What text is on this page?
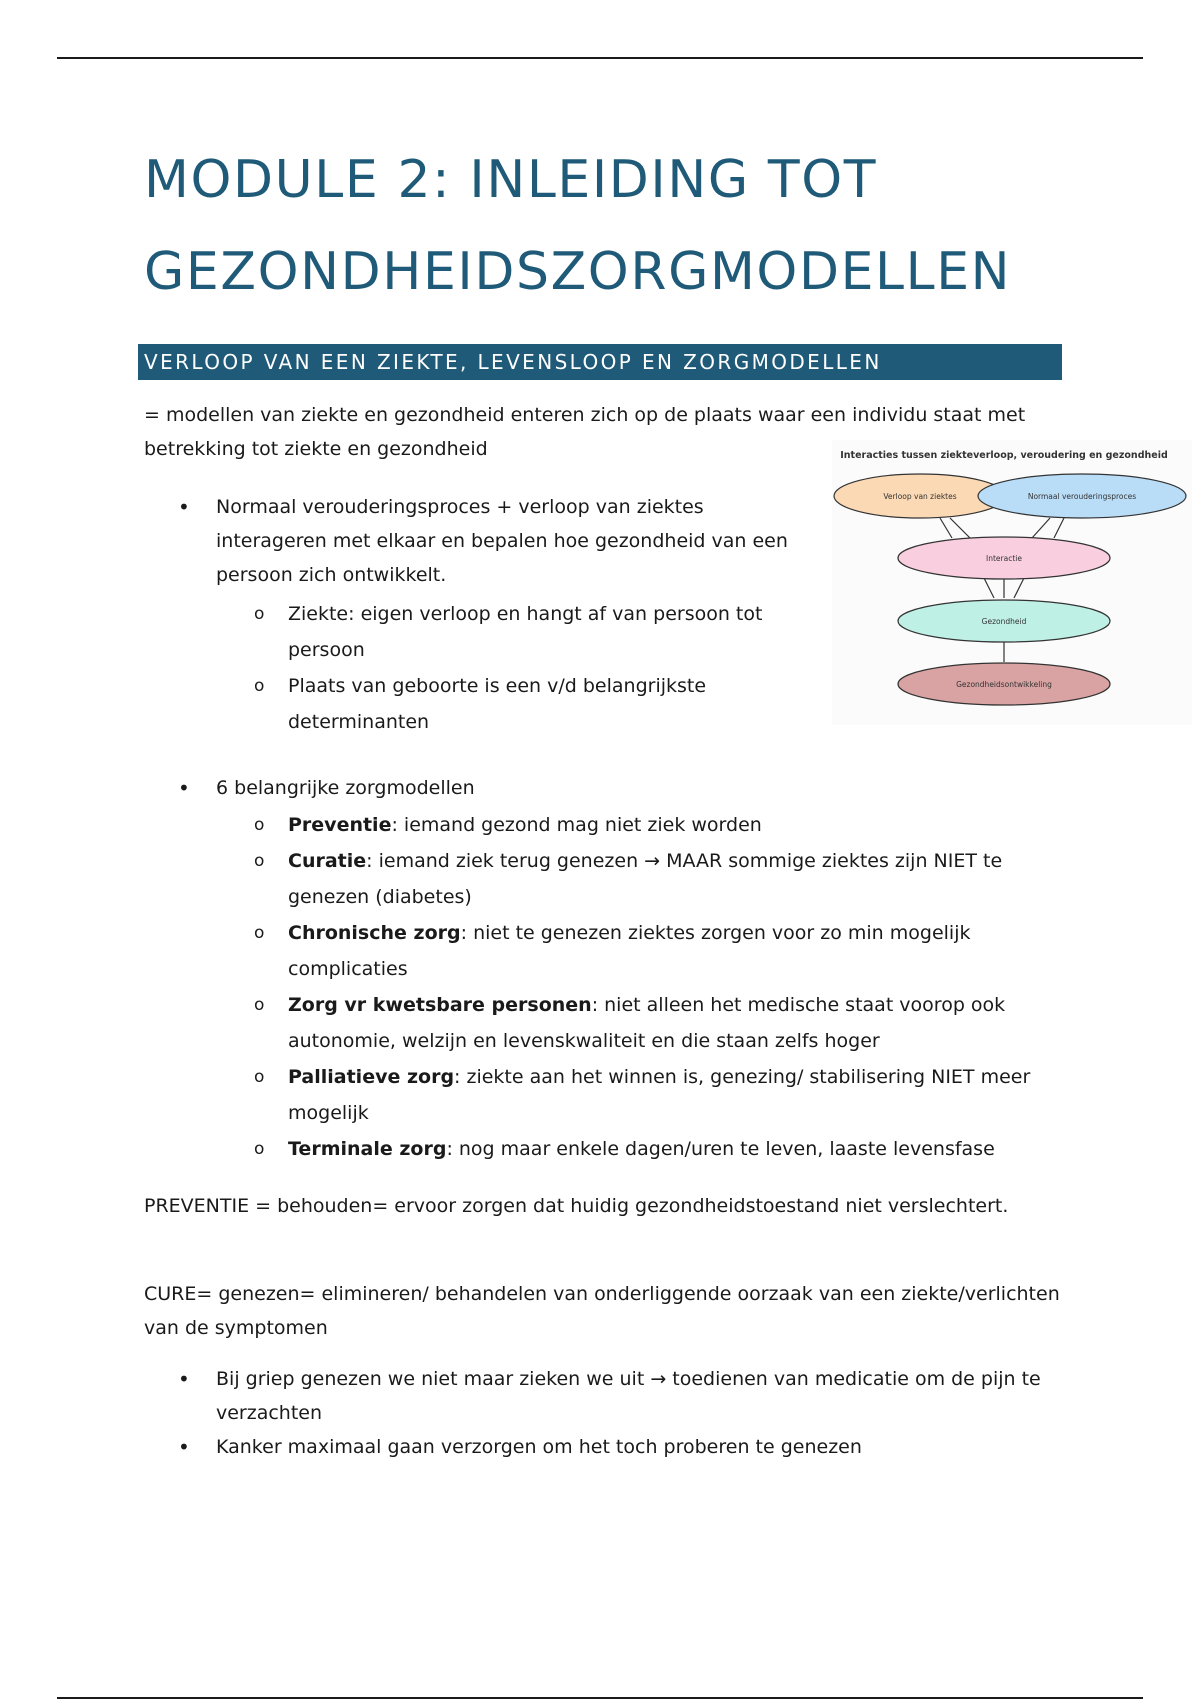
MODULE 2: INLEIDING TOT
GEZONDHEIDSZORGMODELLEN
VERLOOP VAN EEN ZIEKTE, LEVENSLOOP EN ZORGMODELLEN

= modellen van ziekte en gezondheid enteren zich op de plaats waar een individu staat met betrekking tot ziekte en gezondheid	Interacties tussen ziekteverloop, veroudering en gezondheid
Verloop van ziektes	Normaal verouderingsproces
Interactie
Gezondheid
Gezondheidsontwikkeling
• Normaal verouderingsproces + verloop van ziektes interageren met elkaar en bepalen hoe gezondheid van een persoon zich ontwikkelt.
o Ziekte: eigen verloop en hangt af van persoon tot persoon
o Plaats van geboorte is een v/d belangrijkste determinanten
• 6 belangrijke zorgmodellen
o Preventie: iemand gezond mag niet ziek worden
o Curatie: iemand ziek terug genezen → MAAR sommige ziektes zijn NIET te genezen (diabetes)
o Chronische zorg: niet te genezen ziektes zorgen voor zo min mogelijk complicaties
o Zorg vr kwetsbare personen: niet alleen het medische staat voorop ook autonomie, welzijn en levenskwaliteit en die staan zelfs hoger
o Palliatieve zorg: ziekte aan het winnen is, genezing/ stabilisering NIET meer mogelijk
o Terminale zorg: nog maar enkele dagen/uren te leven, laaste levensfase

PREVENTIE = behouden= ervoor zorgen dat huidig gezondheidstoestand niet verslechtert.

CURE= genezen= elimineren/ behandelen van onderliggende oorzaak van een ziekte/verlichten van de symptomen

• Bij griep genezen we niet maar zieken we uit → toedienen van medicatie om de pijn te verzachten
• Kanker maximaal gaan verzorgen om het toch proberen te genezen
